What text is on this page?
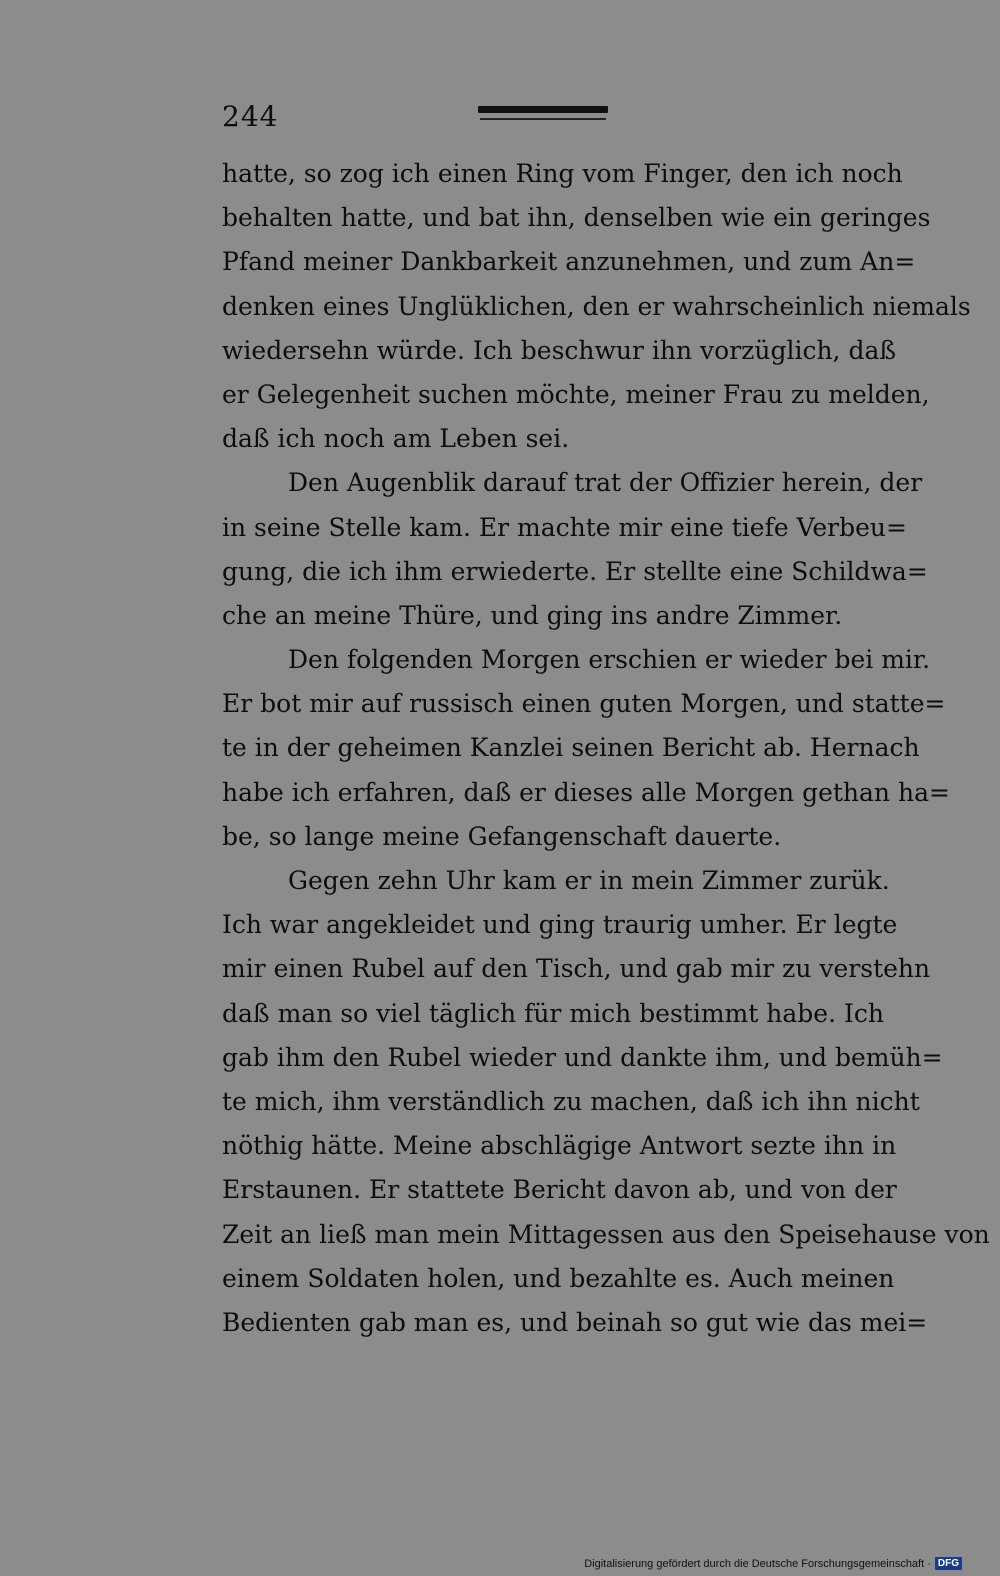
244
hatte, so zog ich einen Ring vom Finger, den ich noch
behalten hatte, und bat ihn, denselben wie ein geringes
Pfand meiner Dankbarkeit anzunehmen, und zum An=
denken eines Unglüklichen, den er wahrscheinlich niemals
wiedersehn würde. Ich beschwur ihn vorzüglich, daß
er Gelegenheit suchen möchte, meiner Frau zu melden,
daß ich noch am Leben sei.
Den Augenblik darauf trat der Offizier herein, der
in seine Stelle kam. Er machte mir eine tiefe Verbeu=
gung, die ich ihm erwiederte. Er stellte eine Schildwa=
che an meine Thüre, und ging ins andre Zimmer.
Den folgenden Morgen erschien er wieder bei mir.
Er bot mir auf russisch einen guten Morgen, und statte=
te in der geheimen Kanzlei seinen Bericht ab. Hernach
habe ich erfahren, daß er dieses alle Morgen gethan ha=
be, so lange meine Gefangenschaft dauerte.
Gegen zehn Uhr kam er in mein Zimmer zurük.
Ich war angekleidet und ging traurig umher. Er legte
mir einen Rubel auf den Tisch, und gab mir zu verstehn
daß man so viel täglich für mich bestimmt habe. Ich
gab ihm den Rubel wieder und dankte ihm, und bemüh=
te mich, ihm verständlich zu machen, daß ich ihn nicht
nöthig hätte. Meine abschlägige Antwort sezte ihn in
Erstaunen. Er stattete Bericht davon ab, und von der
Zeit an ließ man mein Mittagessen aus den Speisehause von
einem Soldaten holen, und bezahlte es. Auch meinen
Bedienten gab man es, und beinah so gut wie das mei=
Digitalisierung gefördert durch die Deutsche Forschungsgemeinschaft · DFG
